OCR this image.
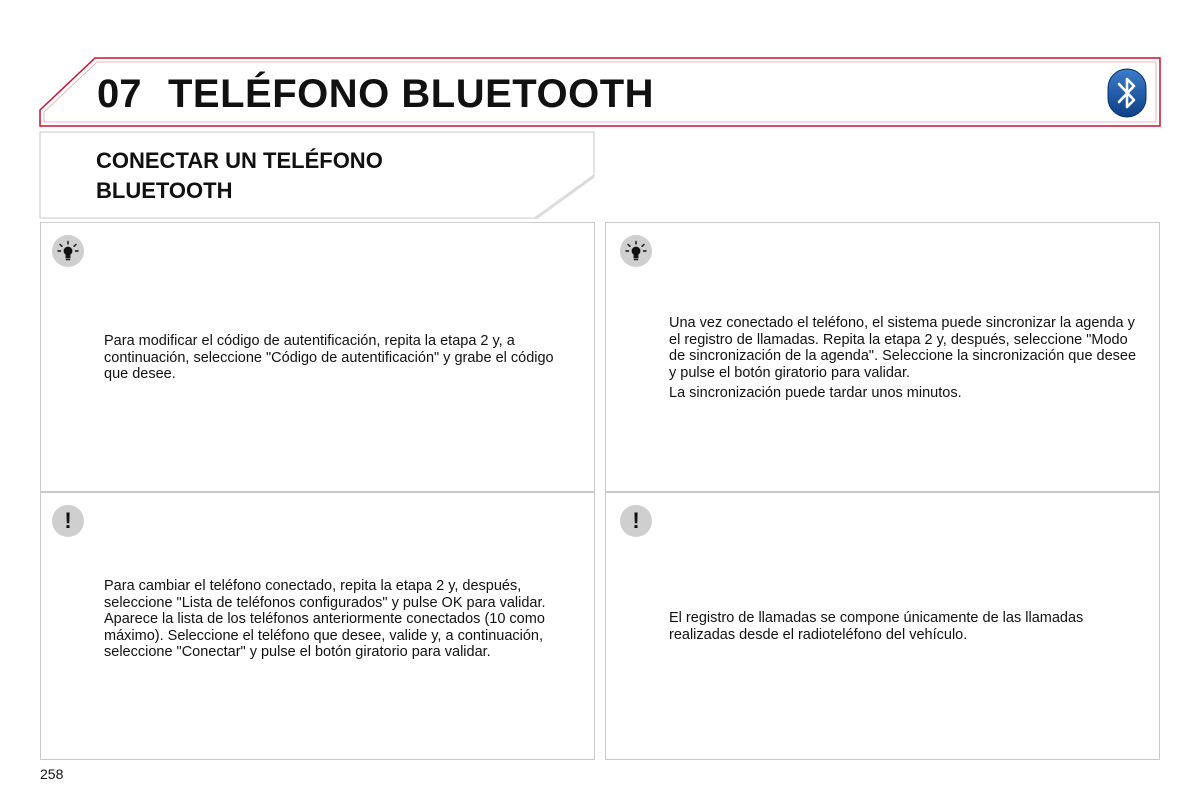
07 TELÉFONO BLUETOOTH
CONECTAR UN TELÉFONO BLUETOOTH

Para modificar el código de autentificación, repita la etapa 2 y, a continuación, seleccione "Código de autentificación" y grabe el código que desee.

Una vez conectado el teléfono, el sistema puede sincronizar la agenda y el registro de llamadas. Repita la etapa 2 y, después, seleccione "Modo de sincronización de la agenda". Seleccione la sincronización que desee y pulse el botón giratorio para validar.

La sincronización puede tardar unos minutos.

!

Para cambiar el teléfono conectado, repita la etapa 2 y, después, seleccione "Lista de teléfonos configurados" y pulse OK para validar. Aparece la lista de los teléfonos anteriormente conectados (10 como máximo). Seleccione el teléfono que desee, valide y, a continuación, seleccione "Conectar" y pulse el botón giratorio para validar.

!

El registro de llamadas se compone únicamente de las llamadas realizadas desde el radioteléfono del vehículo.

258
